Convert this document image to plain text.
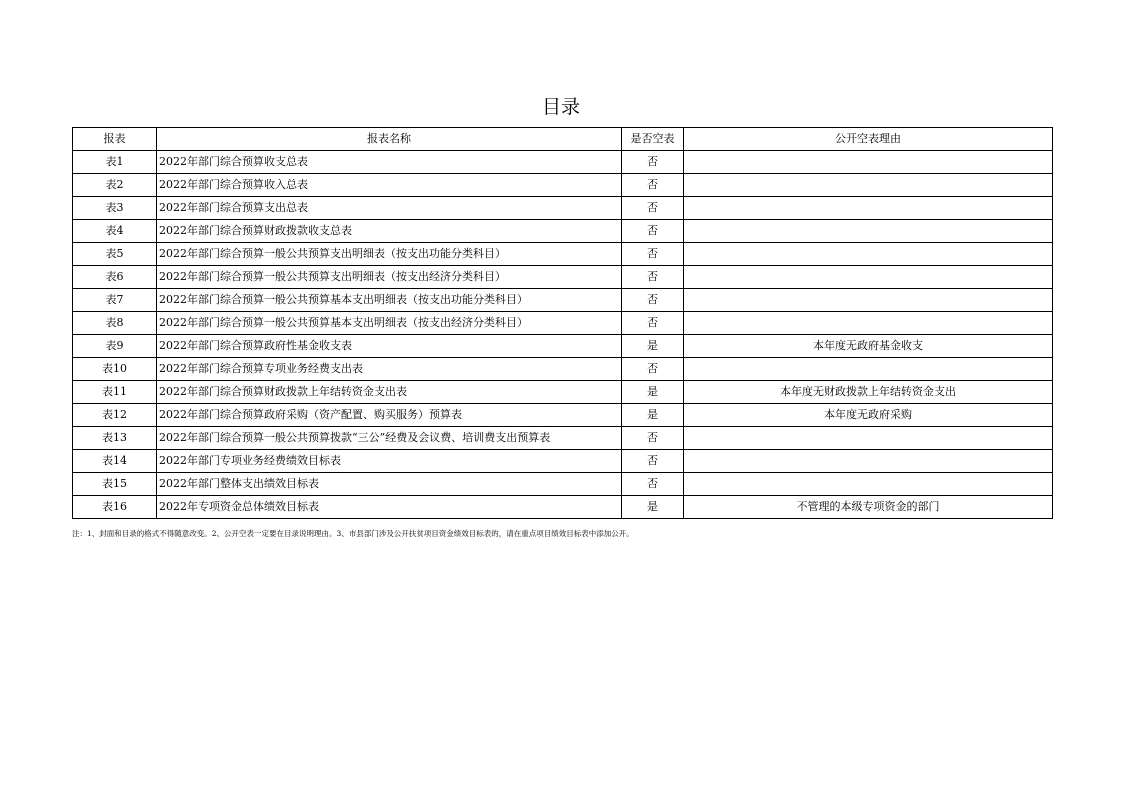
目录
报表	报表名称	是否空表	公开空表理由
表1	2022年部门综合预算收支总表	否	
表2	2022年部门综合预算收入总表	否	
表3	2022年部门综合预算支出总表	否	
表4	2022年部门综合预算财政拨款收支总表	否	
表5	2022年部门综合预算一般公共预算支出明细表（按支出功能分类科目）	否	
表6	2022年部门综合预算一般公共预算支出明细表（按支出经济分类科目）	否	
表7	2022年部门综合预算一般公共预算基本支出明细表（按支出功能分类科目）	否	
表8	2022年部门综合预算一般公共预算基本支出明细表（按支出经济分类科目）	否	
表9	2022年部门综合预算政府性基金收支表	是	本年度无政府基金收支
表10	2022年部门综合预算专项业务经费支出表	否	
表11	2022年部门综合预算财政拨款上年结转资金支出表	是	本年度无财政拨款上年结转资金支出
表12	2022年部门综合预算政府采购（资产配置、购买服务）预算表	是	本年度无政府采购
表13	2022年部门综合预算一般公共预算拨款“三公”经费及会议费、培训费支出预算表	否	
表14	2022年部门专项业务经费绩效目标表	否	
表15	2022年部门整体支出绩效目标表	否	
表16	2022年专项资金总体绩效目标表	是	不管理的本级专项资金的部门
注：1、封面和目录的格式不得随意改变。2、公开空表一定要在目录说明理由。3、市县部门涉及公开扶贫项目资金绩效目标表的，请在重点项目绩效目标表中添加公开。
